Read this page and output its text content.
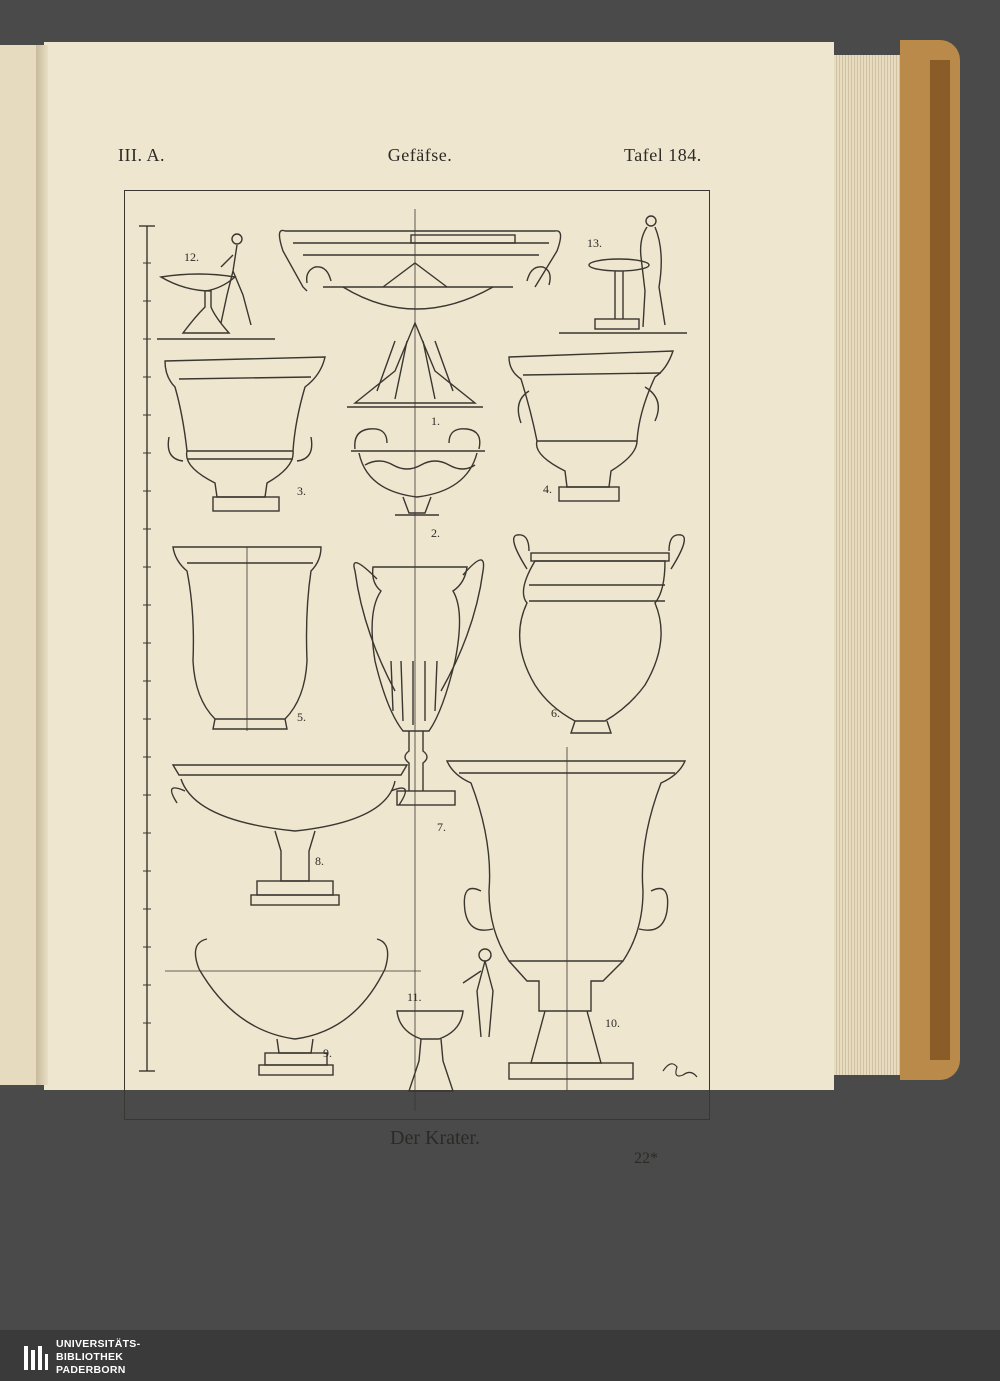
III. A.	Gefäfse.	Tafel 184.
12.
13.
1.
3.	4.
2.
5.	6.
7.
8.
11.
10.
9.
Der Krater.
22*
UNIVERSITÄTS-
BIBLIOTHEK
PADERBORN
